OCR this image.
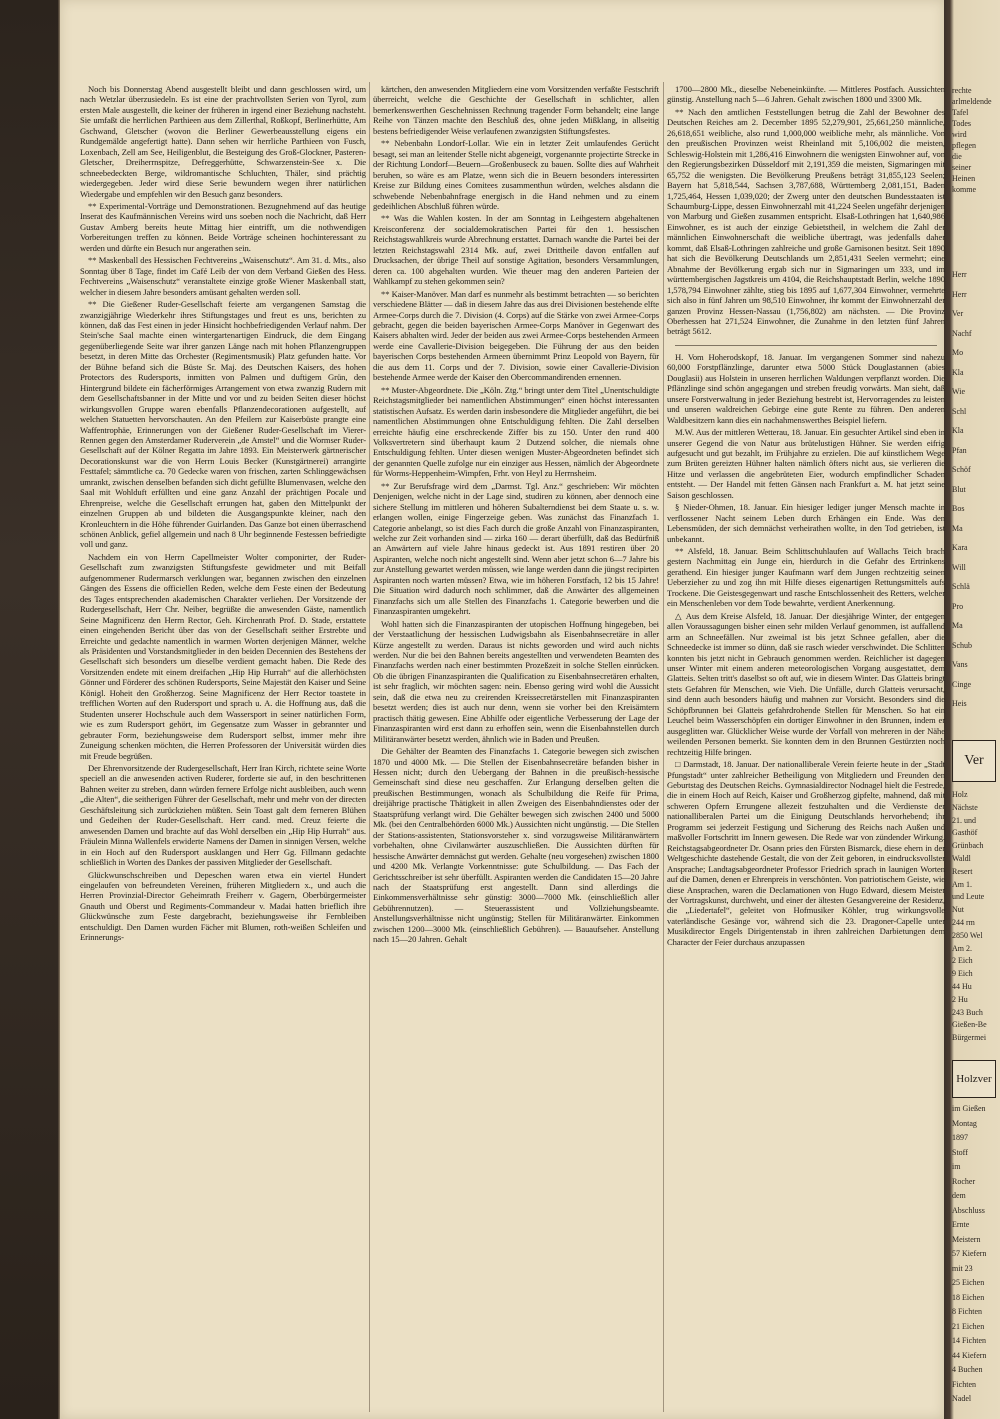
Noch bis Donnerstag Abend ausgestellt bleibt und dann geschlossen wird, um nach Wetzlar überzusiedeln. Es ist eine der prachtvollsten Serien von Tyrol, zum ersten Male ausgestellt, die keiner der früheren in irgend einer Beziehung nachsteht. Sie umfaßt die herrlichen Parthieen aus dem Zillerthal, Roßkopf, Berlinerhütte, Am Gschwand, Gletscher (wovon die Berliner Gewerbeausstellung eigens ein Rundgemälde angefertigt hatte). Dann sehen wir herrliche Parthieen von Fusch, Loxenbach, Zell am See, Heiligenblut, die Besteigung des Groß-Glockner, Pasteren-Gletscher, Dreiherrnspitze, Defreggerhütte, Schwarzenstein-See x. Die schneebedeckten Berge, wildromantische Schluchten, Thäler, sind prächtig wiedergegeben. Jeder wird diese Serie bewundern wegen ihrer natürlichen Wiedergabe und empfehlen wir den Besuch ganz besonders.

** Experimental-Vorträge und Demonstrationen. Bezugnehmend auf das heutige Inserat des Kaufmännischen Vereins wird uns soeben noch die Nachricht, daß Herr Gustav Amberg bereits heute Mittag hier eintrifft, um die nothwendigen Vorbereitungen treffen zu können. Beide Vorträge scheinen hochinteressant zu werden und dürfte ein Besuch nur angerathen sein.

** Maskenball des Hessischen Fechtvereins „Waisenschutz“. Am 31. d. Mts., also Sonntag über 8 Tage, findet im Café Leib der von dem Verband Gießen des Hess. Fechtvereins „Waisenschutz“ veranstaltete einzige große Wiener Maskenball statt, welcher in diesem Jahre besonders amüsant gehalten werden soll.

** Die Gießener Ruder-Gesellschaft feierte am vergangenen Samstag die zwanzigjährige Wiederkehr ihres Stiftungstages und freut es uns, berichten zu können, daß das Fest einen in jeder Hinsicht hochbefriedigenden Verlauf nahm. Der Stein'sche Saal machte einen wintergartenartigen Eindruck, die dem Eingang gegenüberliegende Seite war ihrer ganzen Länge nach mit hohen Pflanzengruppen besetzt, in deren Mitte das Orchester (Regimentsmusik) Platz gefunden hatte. Vor der Bühne befand sich die Büste Sr. Maj. des Deutschen Kaisers, des hohen Protectors des Rudersports, inmitten von Palmen und duftigem Grün, den Hintergrund bildete ein fächerförmiges Arrangement von etwa zwanzig Rudern mit dem Gesellschaftsbanner in der Mitte und vor und zu beiden Seiten dieser höchst wirkungsvollen Gruppe waren ebenfalls Pflanzendecorationen aufgestellt, auf welchen Statuetten hervorschauten. An den Pfeilern zur Kaiserbüste prangte eine Waffentrophäe, Erinnerungen von der Gießener Ruder-Gesellschaft im Vierer-Rennen gegen den Amsterdamer Ruderverein „de Amstel“ und die Wormser Ruder-Gesellschaft auf der Kölner Regatta im Jahre 1893. Ein Meisterwerk gärtnerischer Decorationskunst war die von Herrn Louis Becker (Kunstgärtnerei) arrangirte Festtafel; sämmtliche ca. 70 Gedecke waren von frischen, zarten Schlinggewächsen umrankt, zwischen denselben befanden sich dicht gefüllte Blumenvasen, welche den Saal mit Wohlduft erfüllten und eine ganz Anzahl der prächtigen Pocale und Ehrenpreise, welche die Gesellschaft errungen hat, gaben den Mittelpunkt der einzelnen Gruppen ab und bildeten die Ausgangspunkte kleiner, nach den Kronleuchtern in die Höhe führender Guirlanden. Das Ganze bot einen überraschend schönen Anblick, gefiel allgemein und nach 8 Uhr beginnende Festessen befriedigte voll und ganz.

Nachdem ein von Herrn Capellmeister Wolter componirter, der Ruder-Gesellschaft zum zwanzigsten Stiftungsfeste gewidmeter und mit Beifall aufgenommener Rudermarsch verklungen war, begannen zwischen den einzelnen Gängen des Essens die officiellen Reden, welche dem Feste einen der Bedeutung des Tages entsprechenden akademischen Charakter verliehen. Der Vorsitzende der Rudergesellschaft, Herr Chr. Neiber, begrüßte die anwesenden Gäste, namentlich Seine Magnificenz den Herrn Rector, Geh. Kirchenrath Prof. D. Stade, erstattete einen eingehenden Bericht über das von der Gesellschaft seither Erstrebte und Erreichte und gedachte namentlich in warmen Worten derjenigen Männer, welche als Präsidenten und Vorstandsmitglieder in den beiden Decennien des Bestehens der Gesellschaft sich besonders um dieselbe verdient gemacht haben. Die Rede des Vorsitzenden endete mit einem dreifachen „Hip Hip Hurrah“ auf die allerhöchsten Gönner und Förderer des schönen Rudersports, Seine Majestät den Kaiser und Seine Königl. Hoheit den Großherzog. Seine Magnificenz der Herr Rector toastete in trefflichen Worten auf den Rudersport und sprach u. A. die Hoffnung aus, daß die Studenten unserer Hochschule auch dem Wassersport in seiner natürlichen Form, wie es zum Rudersport gehört, im Gegensatze zum Wasser in gebrannter und gebrauter Form, beziehungsweise dem Rudersport selbst, immer mehr ihre Zuneigung schenken möchten, die Herren Professoren der Universität würden dies mit Freude begrüßen.

Der Ehrenvorsitzende der Rudergesellschaft, Herr Iran Kirch, richtete seine Worte speciell an die anwesenden activen Ruderer, forderte sie auf, in den beschrittenen Bahnen weiter zu streben, dann würden fernere Erfolge nicht ausbleiben, auch wenn „die Alten“, die seitherigen Führer der Gesellschaft, mehr und mehr von der directen Geschäftsleitung sich zurückziehen müßten. Sein Toast galt dem ferneren Blühen und Gedeihen der Ruder-Gesellschaft. Herr cand. med. Creuz feierte die anwesenden Damen und brachte auf das Wohl derselben ein „Hip Hip Hurrah“ aus. Fräulein Minna Wallenfels erwiderte Namens der Damen in sinnigen Versen, welche in ein Hoch auf den Rudersport ausklangen und Herr Gg. Fillmann gedachte schließlich in Worten des Dankes der passiven Mitglieder der Gesellschaft.

Glückwunschschreiben und Depeschen waren etwa ein viertel Hundert eingelaufen von befreundeten Vereinen, früheren Mitgliedern x., und auch die Herren Provinzial-Director Geheimrath Freiherr v. Gagern, Oberbürgermeister Gnauth und Oberst und Regiments-Commandeur v. Madai hatten brieflich ihre Glückwünsche zum Feste dargebracht, beziehungsweise ihr Fernbleiben entschuldigt. Den Damen wurden Fächer mit Blumen, roth-weißen Schleifen und Erinnerungs-

kärtchen, den anwesenden Mitgliedern eine vom Vorsitzenden verfaßte Festschrift überreicht, welche die Geschichte der Gesellschaft in schlichter, allen bemerkenswerthen Geschehnissen Rechnung tragender Form behandelt; eine lange Reihe von Tänzen machte den Beschluß des, ohne jeden Mißklang, in allseitig bestens befriedigender Weise verlaufenen zwanzigsten Stiftungsfestes.

** Nebenbahn Londorf-Lollar. Wie ein in letzter Zeit umlaufendes Gerücht besagt, sei man an leitender Stelle nicht abgeneigt, vorgenannte projectirte Strecke in der Richtung Londorf—Beuern—Großenbuseck zu bauen. Sollte dies auf Wahrheit beruhen, so wäre es am Platze, wenn sich die in Beuern besonders interessirten Kreise zur Bildung eines Comitees zusammenthun würden, welches alsdann die schwebende Nebenbahnfrage energisch in die Hand nehmen und zu einem gedeihlichen Abschluß führen würde.

** Was die Wahlen kosten. In der am Sonntag in Leihgestern abgehaltenen Kreisconferenz der socialdemokratischen Partei für den 1. hessischen Reichstagswahlkreis wurde Abrechnung erstattet. Darnach wandte die Partei bei der letzten Reichstagswahl 2314 Mk. auf, zwei Drittheile davon entfallen auf Drucksachen, der übrige Theil auf sonstige Agitation, besonders Versammlungen, deren ca. 100 abgehalten wurden. Wie theuer mag den anderen Parteien der Wahlkampf zu stehen gekommen sein?

** Kaiser-Manöver. Man darf es nunmehr als bestimmt betrachten — so berichten verschiedene Blätter — daß in diesem Jahre das aus drei Divisionen bestehende elfte Armee-Corps durch die 7. Division (4. Corps) auf die Stärke von zwei Armee-Corps gebracht, gegen die beiden bayerischen Armee-Corps Manöver in Gegenwart des Kaisers abhalten wird. Jeder der beiden aus zwei Armee-Corps bestehenden Armeen werde eine Cavallerie-Division beigegeben. Die Führung der aus den beiden bayerischen Corps bestehenden Armeen übernimmt Prinz Leopold von Bayern, für die aus dem 11. Corps und der 7. Division, sowie einer Cavallerie-Division bestehende Armee werde der Kaiser den Obercommandirenden ernennen.

** Muster-Abgeordnete. Die „Köln. Ztg.“ bringt unter dem Titel „Unentschuldigte Reichstagsmitglieder bei namentlichen Abstimmungen“ einen höchst interessanten statistischen Aufsatz. Es werden darin insbesondere die Mitglieder angeführt, die bei namentlichen Abstimmungen ohne Entschuldigung fehlten. Die Zahl derselben erreichte häufig eine erschreckende Ziffer bis zu 150. Unter den rund 400 Volksvertretern sind überhaupt kaum 2 Dutzend solcher, die niemals ohne Entschuldigung fehlten. Unter diesen wenigen Muster-Abgeordneten befindet sich der genannten Quelle zufolge nur ein einziger aus Hessen, nämlich der Abgeordnete für Worms-Heppenheim-Wimpfen, Frhr. von Heyl zu Herrnsheim.

** Zur Berufsfrage wird dem „Darmst. Tgl. Anz.“ geschrieben: Wir möchten Denjenigen, welche nicht in der Lage sind, studiren zu können, aber dennoch eine sichere Stellung im mittleren und höheren Subalterndienst bei dem Staate u. s. w. erlangen wollen, einige Fingerzeige geben. Was zunächst das Finanzfach 1. Categorie anbelangt, so ist dies Fach durch die große Anzahl von Finanzaspiranten, welche zur Zeit vorhanden sind — zirka 160 — derart überfüllt, daß das Bedürfniß an Anwärtern auf viele Jahre hinaus gedeckt ist. Aus 1891 restiren über 20 Aspiranten, welche noch nicht angestellt sind. Wenn aber jetzt schon 6—7 Jahre bis zur Anstellung gewartet werden müssen, wie lange werden dann die jüngst recipirten Aspiranten noch warten müssen? Etwa, wie im höheren Forstfach, 12 bis 15 Jahre! Die Situation wird dadurch noch schlimmer, daß die Anwärter des allgemeinen Finanzfachs sich um alle Stellen des Finanzfachs 1. Categorie bewerben und die Finanzaspiranten umgekehrt.

Wohl hatten sich die Finanzaspiranten der utopischen Hoffnung hingegeben, bei der Verstaatlichung der hessischen Ludwigsbahn als Eisenbahnsecretäre in aller Kürze angestellt zu werden. Daraus ist nichts geworden und wird auch nichts werden. Nur die bei den Bahnen bereits angestellten und verwendeten Beamten des Finanzfachs werden nach einer bestimmten Prozeßzeit in solche Stellen einrücken. Ob die übrigen Finanzaspiranten die Qualification zu Eisenbahnsecretären erhalten, ist sehr fraglich, wir möchten sagen: nein. Ebenso gering wird wohl die Aussicht sein, daß die etwa neu zu creirenden Kreissecretärstellen mit Finanzaspiranten besetzt werden; dies ist auch nur denn, wenn sie vorher bei den Kreisämtern practisch thätig gewesen. Eine Abhilfe oder eigentliche Verbesserung der Lage der Finanzaspiranten wird erst dann zu erhoffen sein, wenn die Eisenbahnstellen durch Militäranwärter besetzt werden, ähnlich wie in Baden und Preußen.

Die Gehälter der Beamten des Finanzfachs 1. Categorie bewegen sich zwischen 1870 und 4000 Mk. — Die Stellen der Eisenbahnsecretäre befanden bisher in Hessen nicht; durch den Uebergang der Bahnen in die preußisch-hessische Gemeinschaft sind diese neu geschaffen. Zur Erlangung derselben gelten die preußischen Bestimmungen, wonach als Schulbildung die Reife für Prima, dreijährige practische Thätigkeit in allen Zweigen des Eisenbahndienstes oder der Staatsprüfung verlangt wird. Die Gehälter bewegen sich zwischen 2400 und 5000 Mk. (bei den Centralbehörden 6000 Mk.) Aussichten nicht ungünstig. — Die Stellen der Stations-assistenten, Stationsvorsteher x. sind vorzugsweise Militäranwärtern vorbehalten, ohne Civilanwärter auszuschließen. Die Aussichten dürften für hessische Anwärter demnächst gut werden. Gehalte (neu vorgesehen) zwischen 1800 und 4200 Mk. Verlangte Vorkenntnisse: gute Schulbildung. — Das Fach der Gerichtsschreiber ist sehr überfüllt. Aspiranten werden die Candidaten 15—20 Jahre nach der Staatsprüfung erst angestellt. Dann sind allerdings die Einkommensverhältnisse sehr günstig: 3000—7000 Mk. (einschließlich aller Gebührennutzen). — Steuerassistent und Vollziehungsbeamte. Anstellungsverhältnisse nicht ungünstig; Stellen für Militäranwärter. Einkommen zwischen 1200—3000 Mk. (einschließlich Gebühren). — Bauaufseher. Anstellung nach 15—20 Jahren. Gehalt

1700—2800 Mk., dieselbe Nebeneinkünfte. — Mittleres Postfach. Aussichten günstig. Anstellung nach 5—6 Jahren. Gehalt zwischen 1800 und 3300 Mk.

** Nach den amtlichen Feststellungen betrug die Zahl der Bewohner des Deutschen Reiches am 2. December 1895 52,279,901, 25,661,250 männliche, 26,618,651 weibliche, also rund 1,000,000 weibliche mehr, als männliche. Von den preußischen Provinzen weist Rheinland mit 5,106,002 die meisten, Schleswig-Holstein mit 1,286,416 Einwohnern die wenigsten Einwohner auf, von den Regierungsbezirken Düsseldorf mit 2,191,359 die meisten, Sigmaringen mit 65,752 die wenigsten. Die Bevölkerung Preußens beträgt 31,855,123 Seelen; Bayern hat 5,818,544, Sachsen 3,787,688, Württemberg 2,081,151, Baden 1,725,464, Hessen 1,039,020; der Zwerg unter den deutschen Bundesstaaten ist Schaumburg-Lippe, dessen Einwohnerzahl mit 41,224 Seelen ungefähr derjenigen von Marburg und Gießen zusammen entspricht. Elsaß-Lothringen hat 1,640,986 Einwohner, es ist auch der einzige Gebietstheil, in welchem die Zahl der männlichen Einwohnerschaft die weibliche übertragt, was jedenfalls daher kommt, daß Elsaß-Lothringen zahlreiche und große Garnisonen besitzt. Seit 1890 hat sich die Bevölkerung Deutschlands um 2,851,431 Seelen vermehrt; eine Abnahme der Bevölkerung ergab sich nur in Sigmaringen um 333, und im württembergischen Jagstkreis um 4104, die Reichshauptstadt Berlin, welche 1890 1,578,794 Einwohner zählte, stieg bis 1895 auf 1,677,304 Einwohner, vermehrte sich also in fünf Jahren um 98,510 Einwohner, ihr kommt der Einwohnerzahl der ganzen Provinz Hessen-Nassau (1,756,802) am nächsten. — Die Provinz Oberhessen hat 271,524 Einwohner, die Zunahme in den letzten fünf Jahren beträgt 5612.

H. Vom Hoherodskopf, 18. Januar. Im vergangenen Sommer sind nahezu 60,000 Forstpflänzlinge, darunter etwa 5000 Stück Douglastannen (abies Douglasii) aus Holstein in unseren herrlichen Waldungen verpflanzt worden. Die Pflänzlinge sind schön angegangen und streben freudig vorwärts. Man sieht, daß unsere Forstverwaltung in jeder Beziehung bestrebt ist, Hervorragendes zu leisten und unseren waldreichen Gebirge eine gute Rente zu führen. Den anderen Waldbesitzern kann dies ein nachahmenswerthes Beispiel liefern.

M.W. Aus der mittleren Wetterau, 18. Januar. Ein gesuchter Artikel sind eben in unserer Gegend die von Natur aus brütelustigen Hühner. Sie werden eifrig aufgesucht und gut bezahlt, im Frühjahre zu erzielen. Die auf künstlichem Wege zum Brüten gereizten Hühner halten nämlich öfters nicht aus, sie verlieren die Hitze und verlassen die angebrüteten Eier, wodurch empfindlicher Schaden entsteht. — Der Handel mit fetten Gänsen nach Frankfurt a. M. hat jetzt seine Saison geschlossen.

§ Nieder-Ohmen, 18. Januar. Ein hiesiger lediger junger Mensch machte in verflossener Nacht seinem Leben durch Erhängen ein Ende. Was den Lebensmüden, der sich demnächst verheirathen wollte, in den Tod getrieben, ist unbekannt.

** Alsfeld, 18. Januar. Beim Schlittschuhlaufen auf Wallachs Teich brach gestern Nachmittag ein Junge ein, hierdurch in die Gefahr des Ertrinkens gerathend. Ein hiesiger junger Kaufmann warf dem Jungen rechtzeitig seinen Ueberzieher zu und zog ihn mit Hilfe dieses eigenartigen Rettungsmittels aufs Trockene. Die Geistesgegenwart und rasche Entschlossenheit des Retters, welcher ein Menschenleben vor dem Tode bewahrte, verdient Anerkennung.

△ Aus dem Kreise Alsfeld, 18. Januar. Der diesjährige Winter, der entgegen allen Voraussagungen bisher einen sehr milden Verlauf genommen, ist auffallend arm an Schneefällen. Nur zweimal ist bis jetzt Schnee gefallen, aber die Schneedecke ist immer so dünn, daß sie rasch wieder verschwindet. Die Schlitten konnten bis jetzt nicht in Gebrauch genommen werden. Reichlicher ist dagegen unser Winter mit einem anderen meteorologischen Vorgang ausgestattet, dem Glatteis. Selten tritt's daselbst so oft auf, wie in diesem Winter. Das Glatteis bringt stets Gefahren für Menschen, wie Vieh. Die Unfälle, durch Glatteis verursacht, sind denn auch besonders häufig und mahnen zur Vorsicht. Besonders sind die Schöpfbrunnen bei Glatteis gefahrdrohende Stellen für Menschen. So hat ein Leuchel beim Wasserschöpfen ein dortiger Einwohner in den Brunnen, indem er ausgeglitten war. Glücklicher Weise wurde der Vorfall von mehreren in der Nähe weilenden Personen bemerkt. Sie konnten dem in den Brunnen Gestürzten noch rechtzeitig Hilfe bringen.

□ Darmstadt, 18. Januar. Der nationalliberale Verein feierte heute in der „Stadt Pfungstadt“ unter zahlreicher Betheiligung von Mitgliedern und Freunden den Geburtstag des Deutschen Reichs. Gymnasialdirector Nodnagel hielt die Festrede, die in einem Hoch auf Reich, Kaiser und Großherzog gipfelte, mahnend, daß mit schweren Opfern Errungene allezeit festzuhalten und die Verdienste der nationalliberalen Partei um die Einigung Deutschlands hervorhebend; ihr Programm sei jederzeit Festigung und Sicherung des Reichs nach Außen und maßvoller Fortschritt im Innern gewesen. Die Rede war von zündender Wirkung. Reichstagsabgeordneter Dr. Osann pries den Fürsten Bismarck, diese ehern in der Weltgeschichte dastehende Gestalt, die von der Zeit geboren, in eindrucksvollster Ansprache; Landtagsabgeordneter Professor Friedrich sprach in launigen Worten auf die Damen, denen er Ehrenpreis in verschönten. Von patriotischem Geiste, wie diese Ansprachen, waren die Declamationen von Hugo Edward, diesem Meister der Vortragskunst, durchweht, und einer der ältesten Gesangvereine der Residenz, die „Liedertafel“, geleitet von Hofmusiker Köhler, trug wirkungsvolle vaterländische Gesänge vor, während sich die 23. Dragoner-Capelle unter Musikdirector Engels Dirigentenstab in ihren zahlreichen Darbietungen dem Character der Feier durchaus anzupassen

rechte
arlmeldende
Tafel
Todes
wird
pflegen
die
seiner
Heinen
komme
Herr
Herr
Ver
Nachf
Mo
Kla
Wie
Schl
Kla
Pfan
Schöf
Blut
Bos
Ma
Kara
Will
Schlä
Pro
Ma
Schub
Vans
Cinge
Heis
Ver
Holz
Nächste
21. und
Gasthöf
Grünbach
Waldl
Resert
Am 1.
und Leute
Nut
244 rm
2850 Wel
Am 2.
2 Eich
9 Eich
44 Hu
2 Hu
243 Buch
Gießen-Be
Bürgermei
Holzver
im Gießen
Montag
1897
Stoff
im
Rocher
dem
Abschluss
Ernte
Meistern
57 Kiefern
mit 23
25 Eichen
18 Eichen
8 Fichten
21 Eichen
14 Fichten
44 Kiefern
4 Buchen
Fichten
Nadel
